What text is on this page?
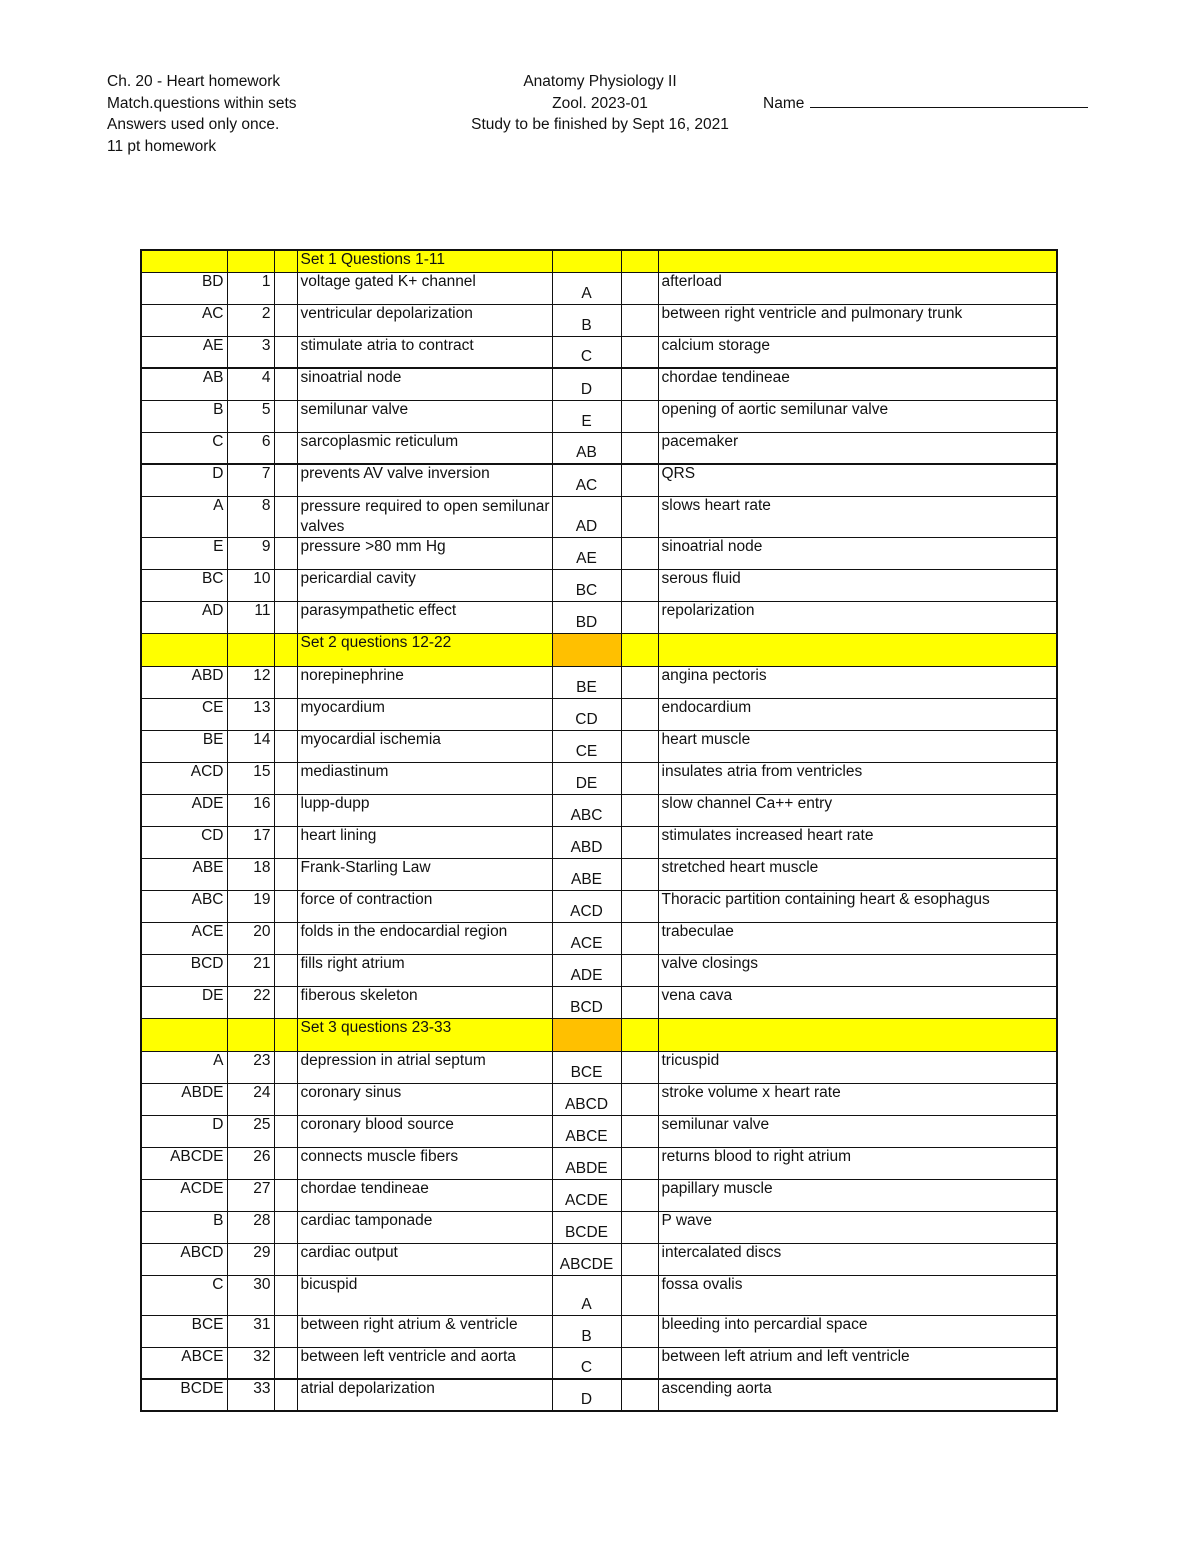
Ch. 20 - Heart homework
Match.questions within sets
Answers used only once.
11 pt homework
Anatomy Physiology II
Zool. 2023-01
Study to be finished by Sept 16, 2021
Name
			Set 1 Questions 1-11			
BD	1		voltage gated K+ channel	A		afterload
AC	2		ventricular depolarization	B		between right ventricle and pulmonary trunk
AE	3		stimulate atria to contract	C		calcium storage
AB	4		sinoatrial node	D		chordae tendineae
B	5		semilunar valve	E		opening of aortic semilunar valve
C	6		sarcoplasmic reticulum	AB		pacemaker
D	7		prevents AV valve inversion	AC		QRS
A	8		pressure required to open semilunar valves	AD		slows heart rate
E	9		pressure >80 mm Hg	AE		sinoatrial node
BC	10		pericardial cavity	BC		serous fluid
AD	11		parasympathetic effect	BD		repolarization
			Set 2 questions 12-22			
ABD	12		norepinephrine	BE		angina pectoris
CE	13		myocardium	CD		endocardium
BE	14		myocardial ischemia	CE		heart muscle
ACD	15		mediastinum	DE		insulates atria from ventricles
ADE	16		lupp-dupp	ABC		slow channel Ca++ entry
CD	17		heart lining	ABD		stimulates increased heart rate
ABE	18		Frank-Starling Law	ABE		stretched heart muscle
ABC	19		force of contraction	ACD		Thoracic partition containing heart & esophagus
ACE	20		folds in the endocardial region	ACE		trabeculae
BCD	21		fills right atrium	ADE		valve closings
DE	22		fiberous skeleton	BCD		vena cava
			Set 3 questions 23-33			
A	23		depression in atrial septum	BCE		tricuspid
ABDE	24		coronary sinus	ABCD		stroke volume x heart rate
D	25		coronary blood source	ABCE		semilunar valve
ABCDE	26		connects muscle fibers	ABDE		returns blood to right atrium
ACDE	27		chordae tendineae	ACDE		papillary muscle
B	28		cardiac tamponade	BCDE		P wave
ABCD	29		cardiac output	ABCDE		intercalated discs
C	30		bicuspid	A		fossa ovalis
BCE	31		between right atrium & ventricle	B		bleeding into percardial space
ABCE	32		between left ventricle and aorta	C		between left atrium and left ventricle
BCDE	33		atrial depolarization	D		ascending aorta
